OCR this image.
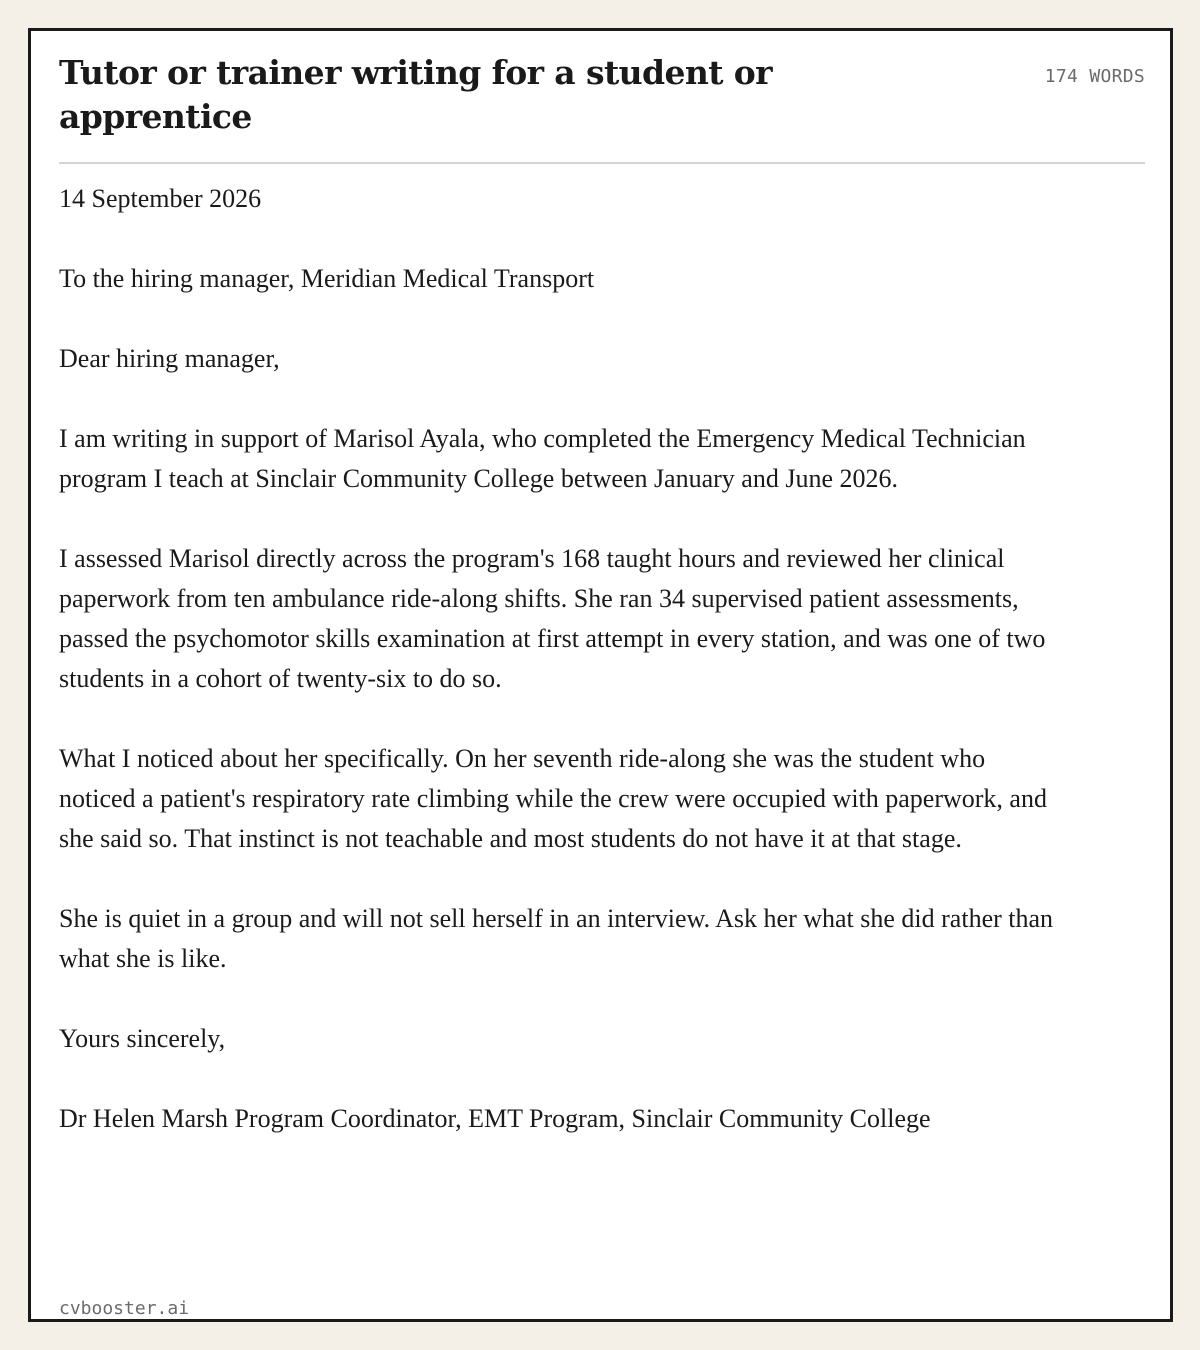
Tutor or trainer writing for a student or apprentice
174 WORDS

14 September 2026

To the hiring manager, Meridian Medical Transport

Dear hiring manager,

I am writing in support of Marisol Ayala, who completed the Emergency Medical Technician program I teach at Sinclair Community College between January and June 2026.

I assessed Marisol directly across the program's 168 taught hours and reviewed her clinical paperwork from ten ambulance ride-along shifts. She ran 34 supervised patient assessments, passed the psychomotor skills examination at first attempt in every station, and was one of two students in a cohort of twenty-six to do so.

What I noticed about her specifically. On her seventh ride-along she was the student who noticed a patient's respiratory rate climbing while the crew were occupied with paperwork, and she said so. That instinct is not teachable and most students do not have it at that stage.

She is quiet in a group and will not sell herself in an interview. Ask her what she did rather than what she is like.

Yours sincerely,

Dr Helen Marsh Program Coordinator, EMT Program, Sinclair Community College

cvbooster.ai
